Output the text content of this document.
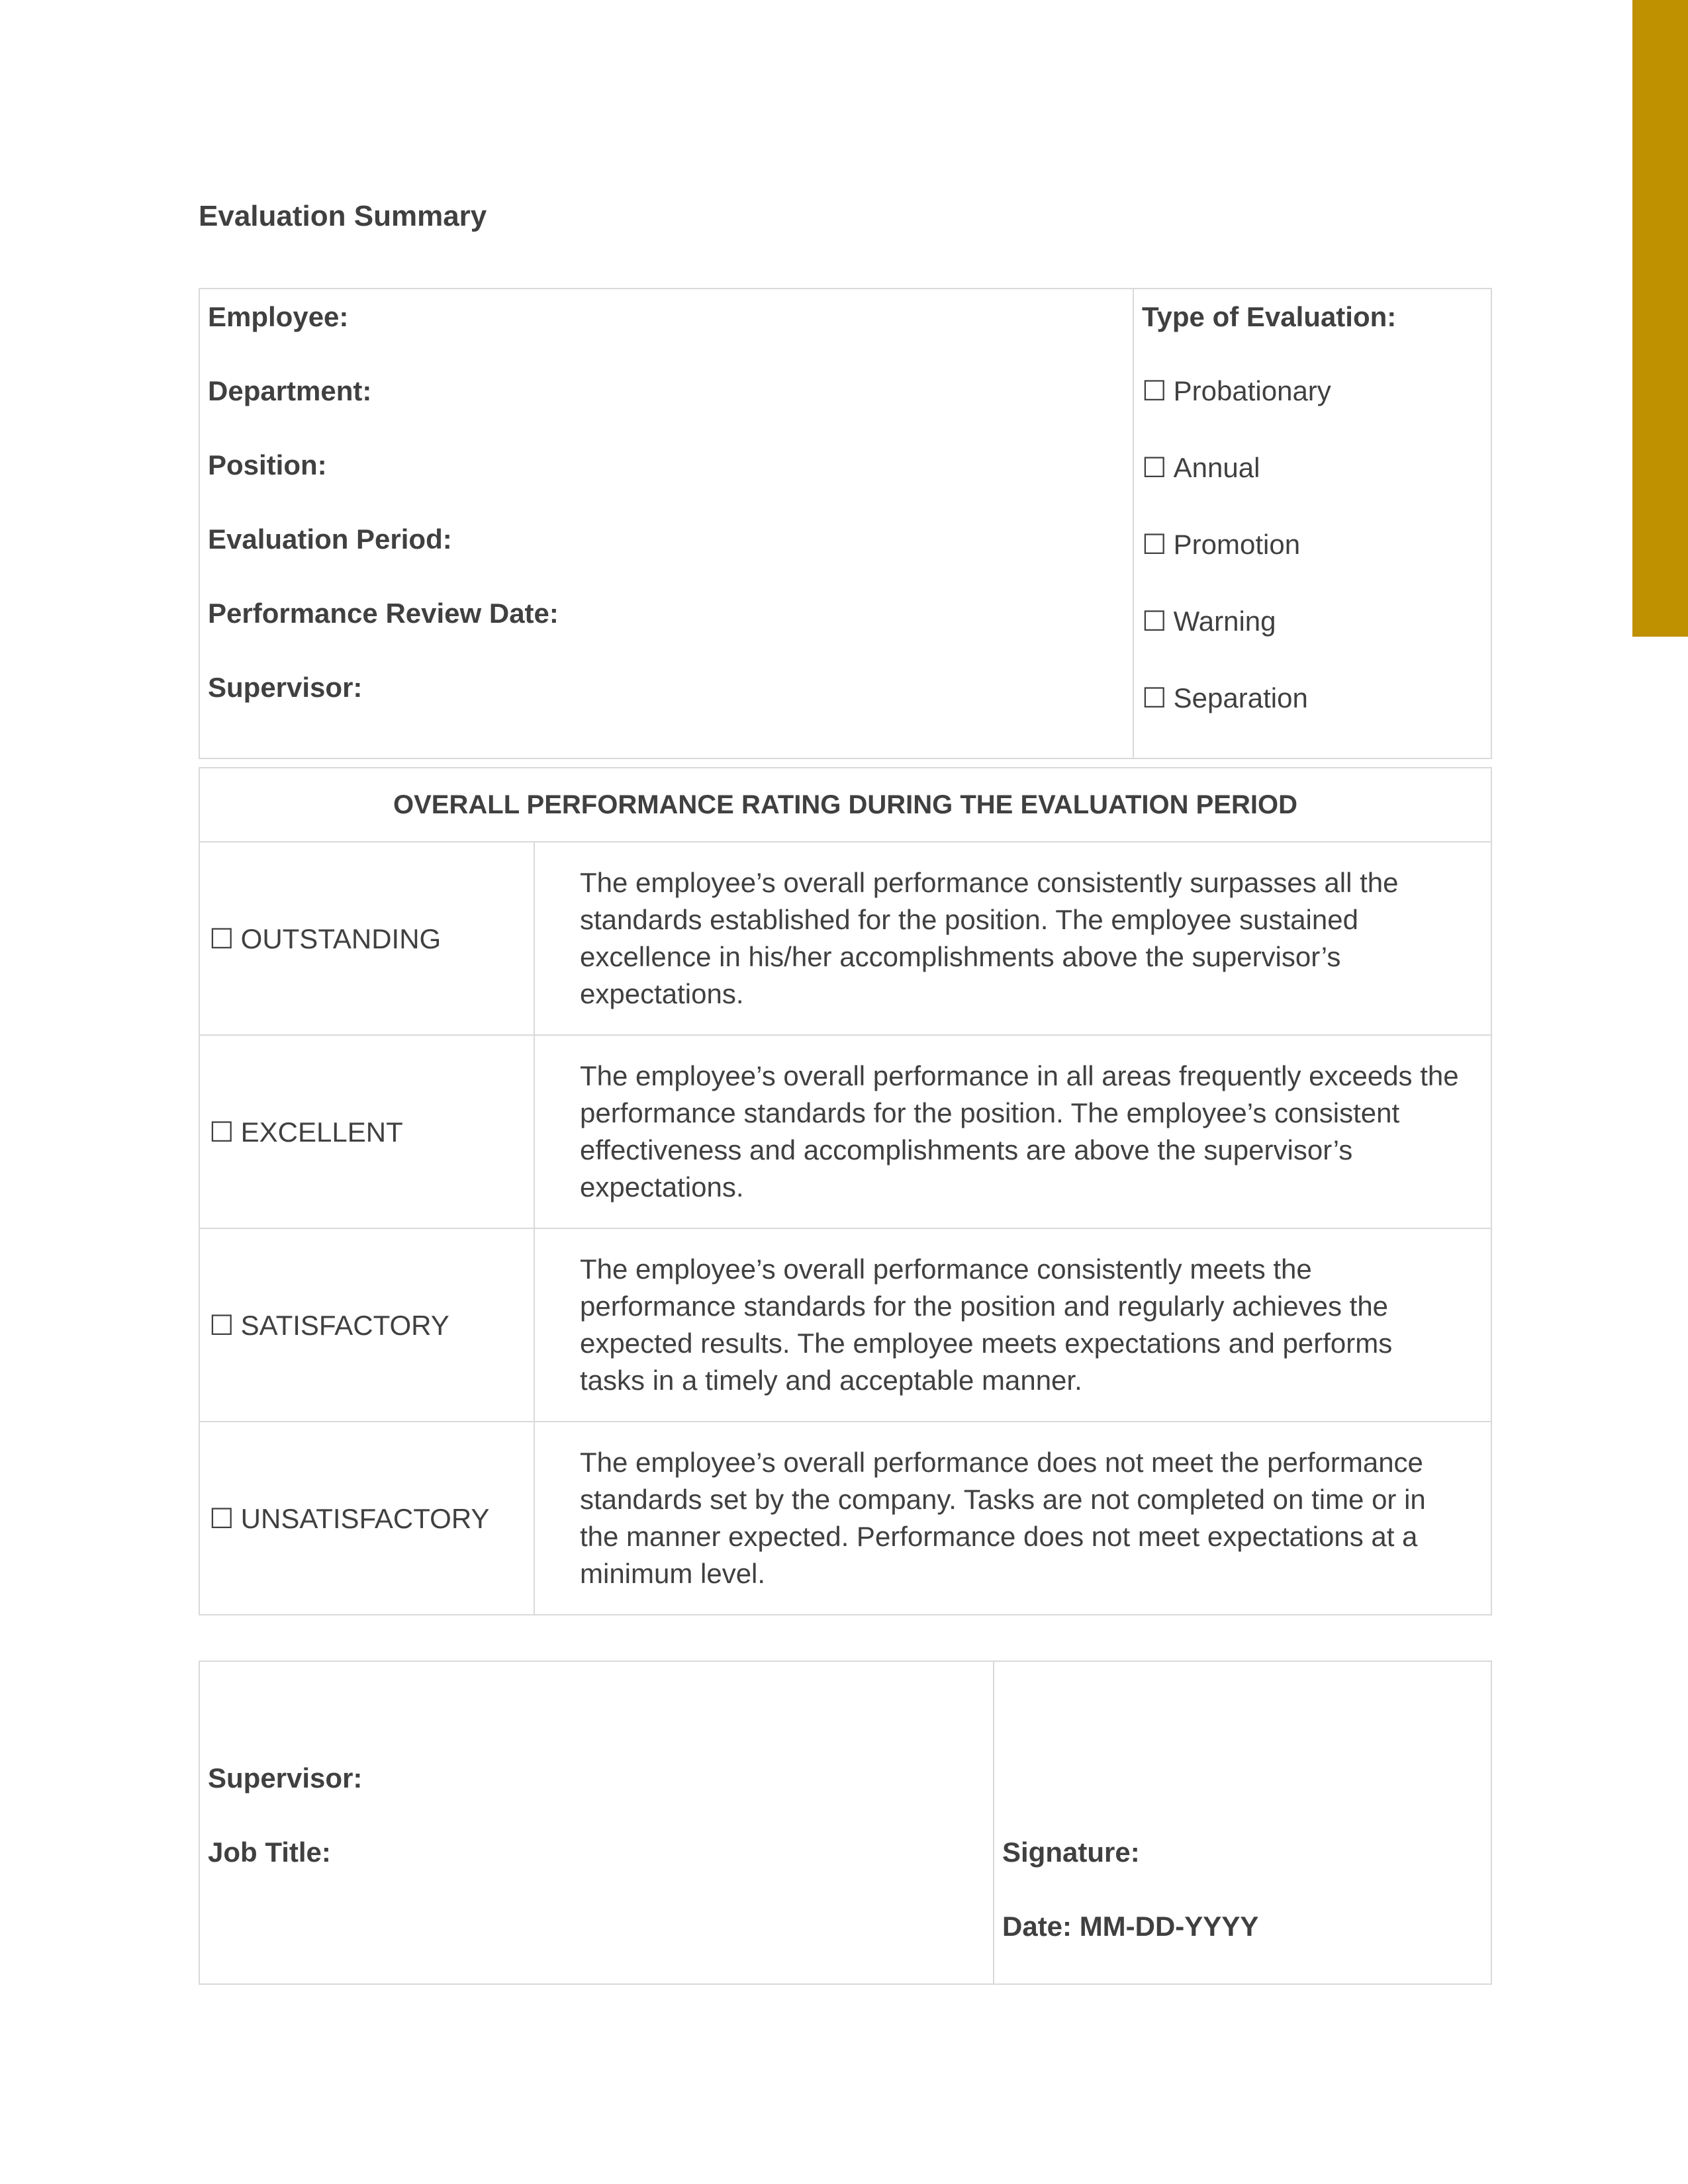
Evaluation Summary
Employee:
Department:
Position:
Evaluation Period:
Performance Review Date:
Supervisor:

Type of Evaluation:
☐ Probationary
☐ Annual
☐ Promotion
☐ Warning
☐ Separation
OVERALL PERFORMANCE RATING DURING THE EVALUATION PERIOD	
☐ OUTSTANDING	The employee’s overall performance consistently surpasses all the standards established for the position. The employee sustained excellence in his/her accomplishments above the supervisor’s expectations.
☐ EXCELLENT	The employee’s overall performance in all areas frequently exceeds the performance standards for the position. The employee’s consistent effectiveness and accomplishments are above the supervisor’s expectations.
☐ SATISFACTORY	The employee’s overall performance consistently meets the performance standards for the position and regularly achieves the expected results. The employee meets expectations and performs tasks in a timely and acceptable manner.
☐ UNSATISFACTORY	The employee’s overall performance does not meet the performance standards set by the company. Tasks are not completed on time or in the manner expected. Performance does not meet expectations at a minimum level.
Supervisor:
Job Title:	Signature:
Date: MM-DD-YYYY
